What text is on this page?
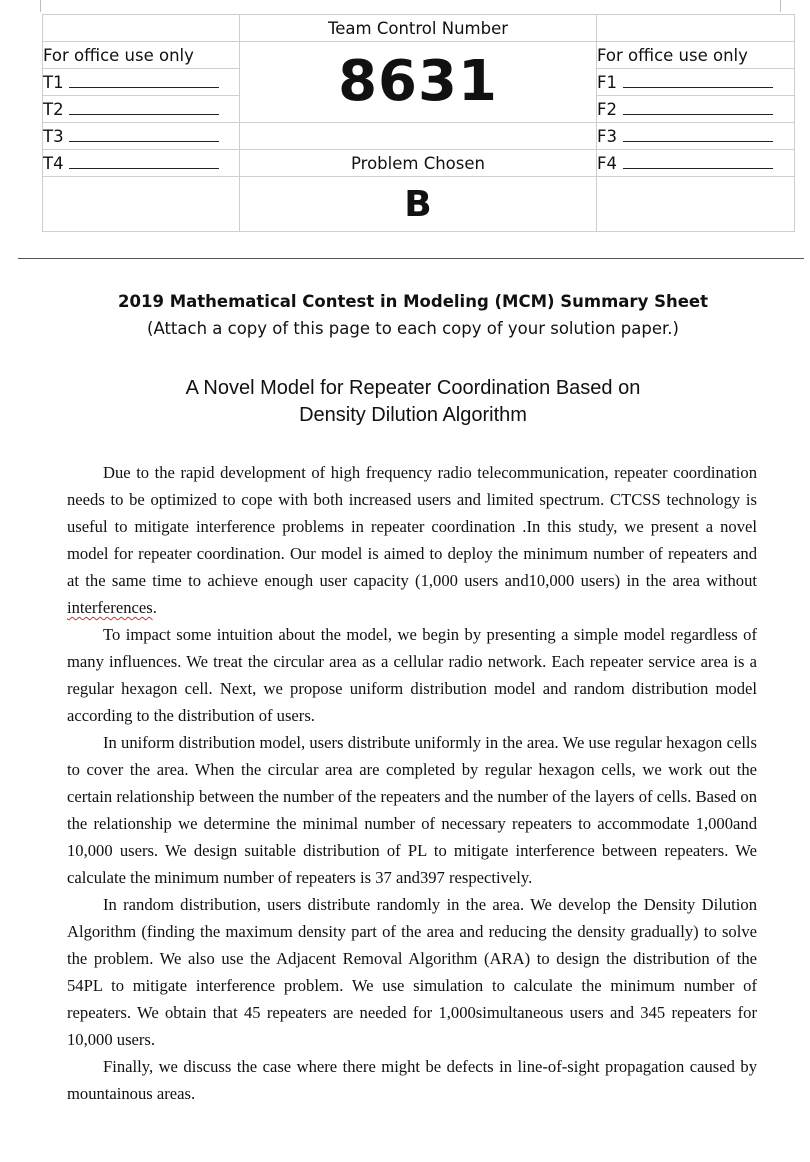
	Team Control Number	
For office use only	8631	For office use only
T1		F1
T2		F2
T3		F3
T4	Problem Chosen	F4
	B	
2019 Mathematical Contest in Modeling (MCM) Summary Sheet
(Attach a copy of this page to each copy of your solution paper.)
A Novel Model for Repeater Coordination Based on
Density Dilution Algorithm

Due to the rapid development of high frequency radio telecommunication, repeater coordination needs to be optimized to cope with both increased users and limited spectrum. CTCSS technology is useful to mitigate interference problems in repeater coordination .In this study, we present a novel model for repeater coordination. Our model is aimed to deploy the minimum number of repeaters and at the same time to achieve enough user capacity (1,000 users and10,000 users) in the area without interferences.

To impact some intuition about the model, we begin by presenting a simple model regardless of many influences. We treat the circular area as a cellular radio network. Each repeater service area is a regular hexagon cell. Next, we propose uniform distribution model and random distribution model according to the distribution of users.

In uniform distribution model, users distribute uniformly in the area. We use regular hexagon cells to cover the area. When the circular area are completed by regular hexagon cells, we work out the certain relationship between the number of the repeaters and the number of the layers of cells. Based on the relationship we determine the minimal number of necessary repeaters to accommodate 1,000and 10,000 users. We design suitable distribution of PL to mitigate interference between repeaters. We calculate the minimum number of repeaters is 37 and397 respectively.

In random distribution, users distribute randomly in the area. We develop the Density Dilution Algorithm (finding the maximum density part of the area and reducing the density gradually) to solve the problem. We also use the Adjacent Removal Algorithm (ARA) to design the distribution of the 54PL to mitigate interference problem. We use simulation to calculate the minimum number of repeaters. We obtain that 45 repeaters are needed for 1,000simultaneous users and 345 repeaters for 10,000 users.

Finally, we discuss the case where there might be defects in line-of-sight propagation caused by mountainous areas.
